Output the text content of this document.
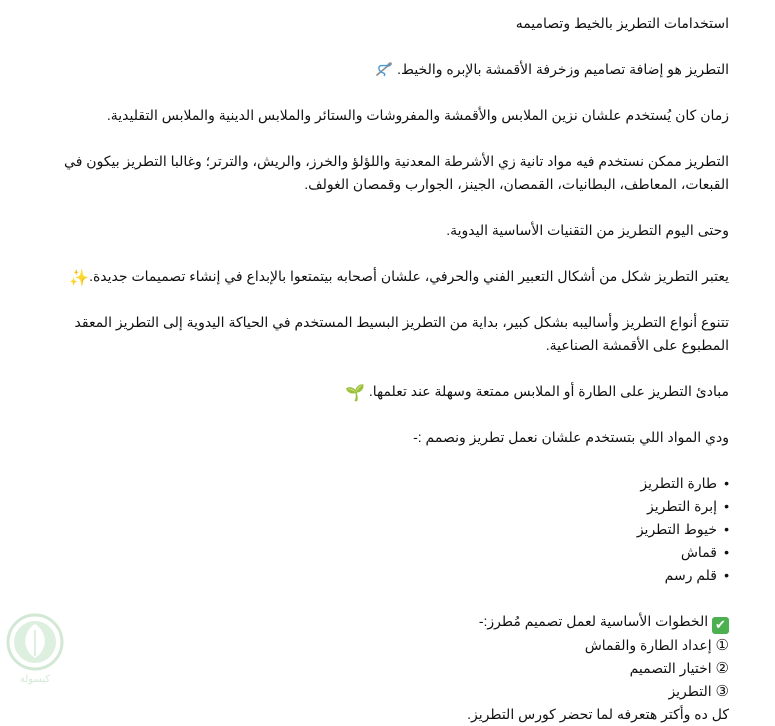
استخدامات التطريز بالخيط وتصاميمه

التطريز هو إضافة تصاميم وزخرفة الأقمشة بالإبره والخيط.

زمان كان يُستخدم علشان نزين الملابس والأقمشة والمفروشات والستائر والملابس الدينية والملابس التقليدية.

التطريز ممكن نستخدم فيه مواد تانية زي الأشرطة المعدنية واللؤلؤ والخرز، والريش، والترتر؛ وغالبا التطريز بيكون في القبعات، المعاطف، البطانيات، القمصان، الجينز، الجوارب وقمصان الغولف.

وحتى اليوم التطريز من التقنيات الأساسية اليدوية.

يعتبر التطريز شكل من أشكال التعبير الفني والحرفي، علشان أصحابه بيتمتعوا بالإبداع في إنشاء تصميمات جديدة.✨

تتنوع أنواع التطريز وأساليبه بشكل كبير، بداية من التطريز البسيط المستخدم في الحياكة اليدوية إلى التطريز المعقد المطبوع على الأقمشة الصناعية.

مبادئ التطريز على الطارة أو الملابس ممتعة وسهلة عند تعلمها. 🌱

ودي المواد اللي بتستخدم علشان نعمل تطريز ونصمم :-

• طارة التطريز
• إبرة التطريز
• خيوط التطريز
• قماش
• قلم رسم
✔ الخطوات الأساسية لعمل تصميم مُطرز:-
① إعداد الطارة والقماش
② اختيار التصميم
③ التطريز
كل ده وأكتر هتعرفه لما تحضر كورس التطريز.
كبسولة
